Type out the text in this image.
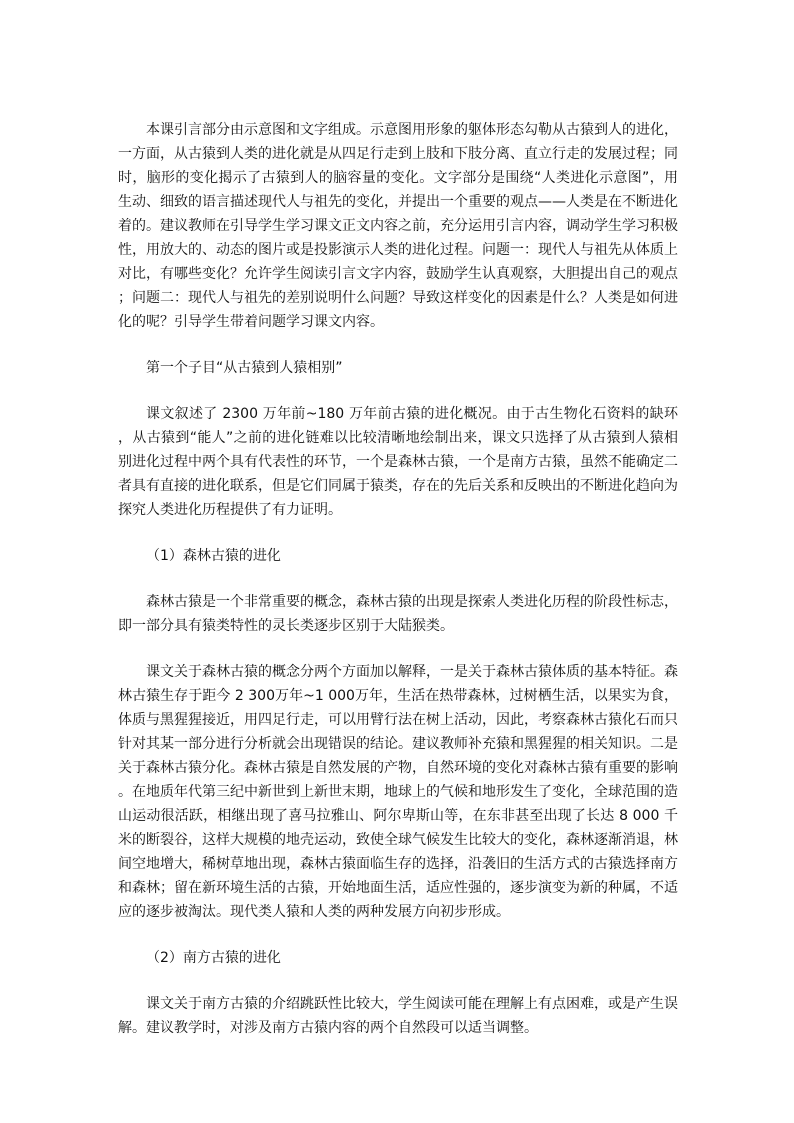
本课引言部分由示意图和文字组成。示意图用形象的躯体形态勾勒从古猿到人的进化，一方面，从古猿到人类的进化就是从四足行走到上肢和下肢分离、直立行走的发展过程；同时，脑形的变化揭示了古猿到人的脑容量的变化。文字部分是围绕“人类进化示意图”，用生动、细致的语言描述现代人与祖先的变化，并提出一个重要的观点——人类是在不断进化着的。建议教师在引导学生学习课文正文内容之前，充分运用引言内容，调动学生学习积极性，用放大的、动态的图片或是投影演示人类的进化过程。问题一：现代人与祖先从体质上对比，有哪些变化？允许学生阅读引言文字内容，鼓励学生认真观察，大胆提出自己的观点；问题二：现代人与祖先的差别说明什么问题？导致这样变化的因素是什么？人类是如何进化的呢？引导学生带着问题学习课文内容。

第一个子目“从古猿到人猿相别”

课文叙述了 2300 万年前~180 万年前古猿的进化概况。由于古生物化石资料的缺环，从古猿到“能人”之前的进化链难以比较清晰地绘制出来，课文只选择了从古猿到人猿相别进化过程中两个具有代表性的环节，一个是森林古猿，一个是南方古猿，虽然不能确定二者具有直接的进化联系，但是它们同属于猿类，存在的先后关系和反映出的不断进化趋向为探究人类进化历程提供了有力证明。

（1）森林古猿的进化

森林古猿是一个非常重要的概念，森林古猿的出现是探索人类进化历程的阶段性标志，即一部分具有猿类特性的灵长类逐步区别于大陆猴类。

课文关于森林古猿的概念分两个方面加以解释，一是关于森林古猿体质的基本特征。森林古猿生存于距今 2 300万年~1 000万年，生活在热带森林，过树栖生活，以果实为食，体质与黑猩猩接近，用四足行走，可以用臂行法在树上活动，因此，考察森林古猿化石而只针对其某一部分进行分析就会出现错误的结论。建议教师补充猿和黑猩猩的相关知识。二是关于森林古猿分化。森林古猿是自然发展的产物，自然环境的变化对森林古猿有重要的影响。在地质年代第三纪中新世到上新世末期，地球上的气候和地形发生了变化，全球范围的造山运动很活跃，相继出现了喜马拉雅山、阿尔卑斯山等，在东非甚至出现了长达 8 000 千米的断裂谷，这样大规模的地壳运动，致使全球气候发生比较大的变化，森林逐渐消退，林间空地增大，稀树草地出现，森林古猿面临生存的选择，沿袭旧的生活方式的古猿选择南方和森林；留在新环境生活的古猿，开始地面生活，适应性强的，逐步演变为新的种属，不适应的逐步被淘汰。现代类人猿和人类的两种发展方向初步形成。

（2）南方古猿的进化

课文关于南方古猿的介绍跳跃性比较大，学生阅读可能在理解上有点困难，或是产生误解。建议教学时，对涉及南方古猿内容的两个自然段可以适当调整。
